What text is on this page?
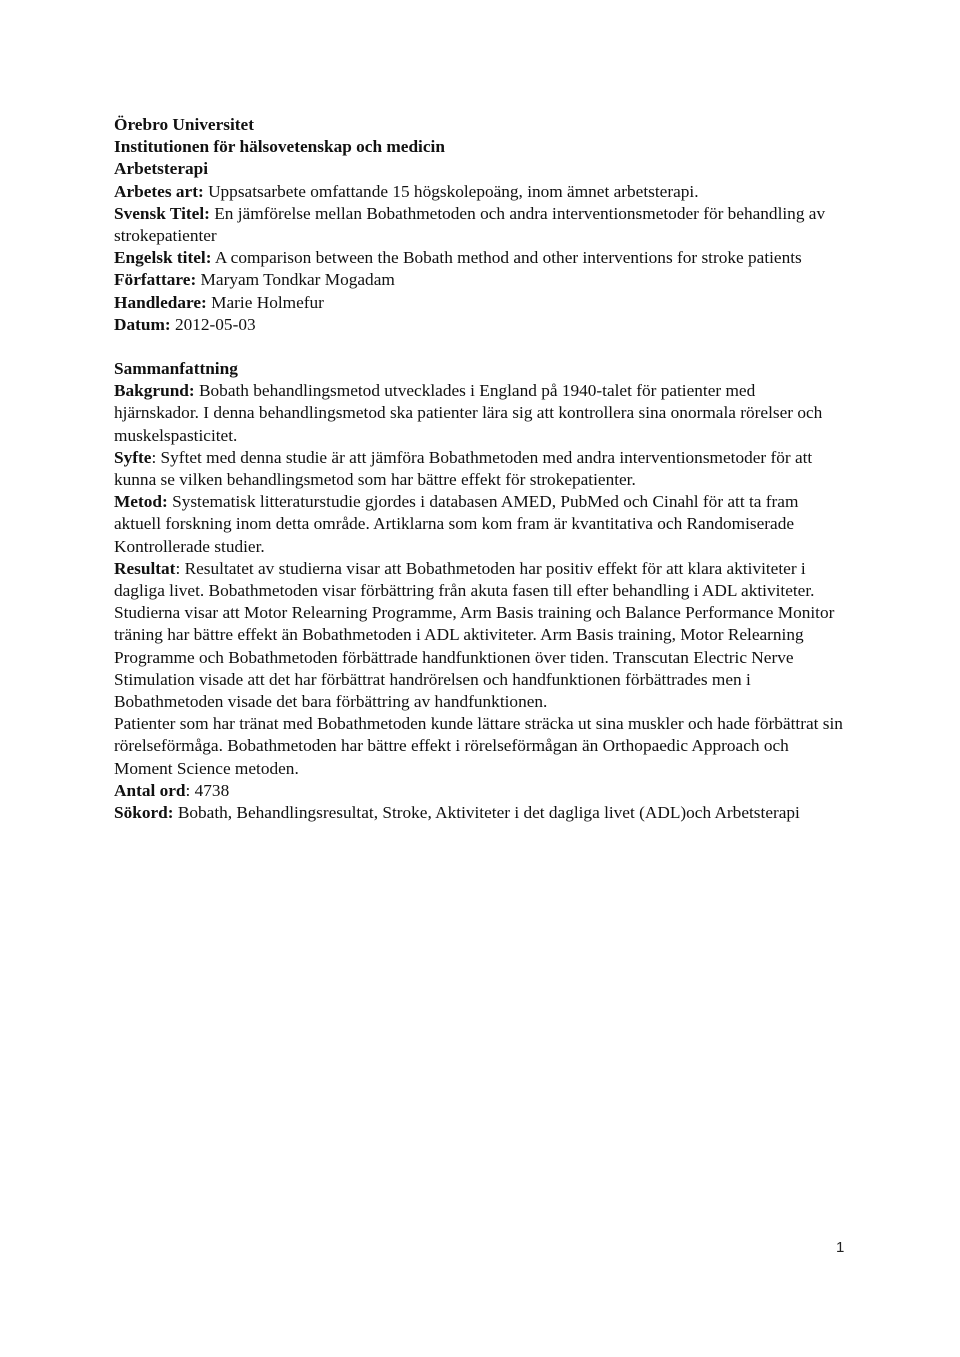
Örebro Universitet

Institutionen för hälsovetenskap och medicin

Arbetsterapi

Arbetes art: Uppsatsarbete omfattande 15 högskolepoäng, inom ämnet arbetsterapi.

Svensk Titel: En jämförelse mellan Bobathmetoden och andra interventionsmetoder för behandling av strokepatienter

Engelsk titel: A comparison between the Bobath method and other interventions for stroke patients

Författare: Maryam Tondkar Mogadam

Handledare: Marie Holmefur

Datum: 2012-05-03

Sammanfattning

Bakgrund: Bobath behandlingsmetod utvecklades i England på 1940-talet för patienter med hjärnskador. I denna behandlingsmetod ska patienter lära sig att kontrollera sina onormala rörelser och muskelspasticitet.

Syfte: Syftet med denna studie är att jämföra Bobathmetoden med andra interventionsmetoder för att kunna se vilken behandlingsmetod som har bättre effekt för strokepatienter.

Metod: Systematisk litteraturstudie gjordes i databasen AMED, PubMed och Cinahl för att ta fram aktuell forskning inom detta område. Artiklarna som kom fram är kvantitativa och Randomiserade Kontrollerade studier.

Resultat: Resultatet av studierna visar att Bobathmetoden har positiv effekt för att klara aktiviteter i dagliga livet. Bobathmetoden visar förbättring från akuta fasen till efter behandling i ADL aktiviteter. Studierna visar att Motor Relearning Programme, Arm Basis training och Balance Performance Monitor träning har bättre effekt än Bobathmetoden i ADL aktiviteter. Arm Basis training, Motor Relearning Programme och Bobathmetoden förbättrade handfunktionen över tiden. Transcutan Electric Nerve Stimulation visade att det har förbättrat handrörelsen och handfunktionen förbättrades men i Bobathmetoden visade det bara förbättring av handfunktionen.

Patienter som har tränat med Bobathmetoden kunde lättare sträcka ut sina muskler och hade förbättrat sin rörelseförmåga. Bobathmetoden har bättre effekt i rörelseförmågan än Orthopaedic Approach och Moment Science metoden.

Antal ord: 4738

Sökord: Bobath, Behandlingsresultat, Stroke, Aktiviteter i det dagliga livet (ADL)och Arbetsterapi

1
